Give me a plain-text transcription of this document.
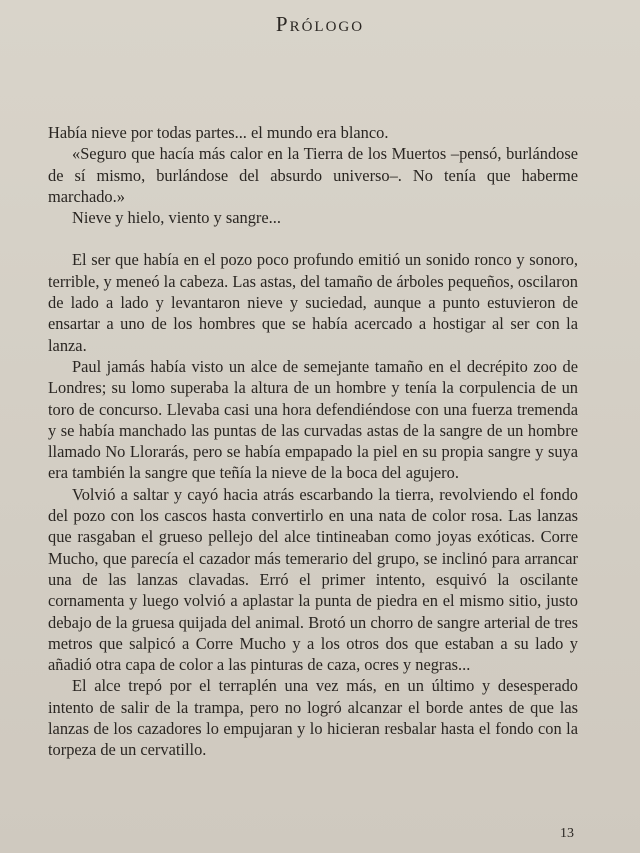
Prólogo

Había nieve por todas partes... el mundo era blanco.

«Seguro que hacía más calor en la Tierra de los Muertos –pensó, burlándose de sí mismo, burlándose del absurdo universo–. No tenía que haberme marchado.»

Nieve y hielo, viento y sangre...

El ser que había en el pozo poco profundo emitió un sonido ronco y sonoro, terrible, y meneó la cabeza. Las astas, del tamaño de árboles pequeños, oscilaron de lado a lado y levantaron nieve y suciedad, aunque a punto estuvieron de ensartar a uno de los hombres que se había acercado a hostigar al ser con la lanza.

Paul jamás había visto un alce de semejante tamaño en el decrépito zoo de Londres; su lomo superaba la altura de un hombre y tenía la corpulencia de un toro de concurso. Llevaba casi una hora defendiéndose con una fuerza tremenda y se había manchado las puntas de las curvadas astas de la sangre de un hombre llamado No Llorarás, pero se había empapado la piel en su propia sangre y suya era también la sangre que teñía la nieve de la boca del agujero.

Volvió a saltar y cayó hacia atrás escarbando la tierra, revolviendo el fondo del pozo con los cascos hasta convertirlo en una nata de color rosa. Las lanzas que rasgaban el grueso pellejo del alce tintineaban como joyas exóticas. Corre Mucho, que parecía el cazador más temerario del grupo, se inclinó para arrancar una de las lanzas clavadas. Erró el primer intento, esquivó la oscilante cornamenta y luego volvió a aplastar la punta de piedra en el mismo sitio, justo debajo de la gruesa quijada del animal. Brotó un chorro de sangre arterial de tres metros que salpicó a Corre Mucho y a los otros dos que estaban a su lado y añadió otra capa de color a las pinturas de caza, ocres y negras...

El alce trepó por el terraplén una vez más, en un último y desesperado intento de salir de la trampa, pero no logró alcanzar el borde antes de que las lanzas de los cazadores lo empujaran y lo hicieran resbalar hasta el fondo con la torpeza de un cervatillo.

13
